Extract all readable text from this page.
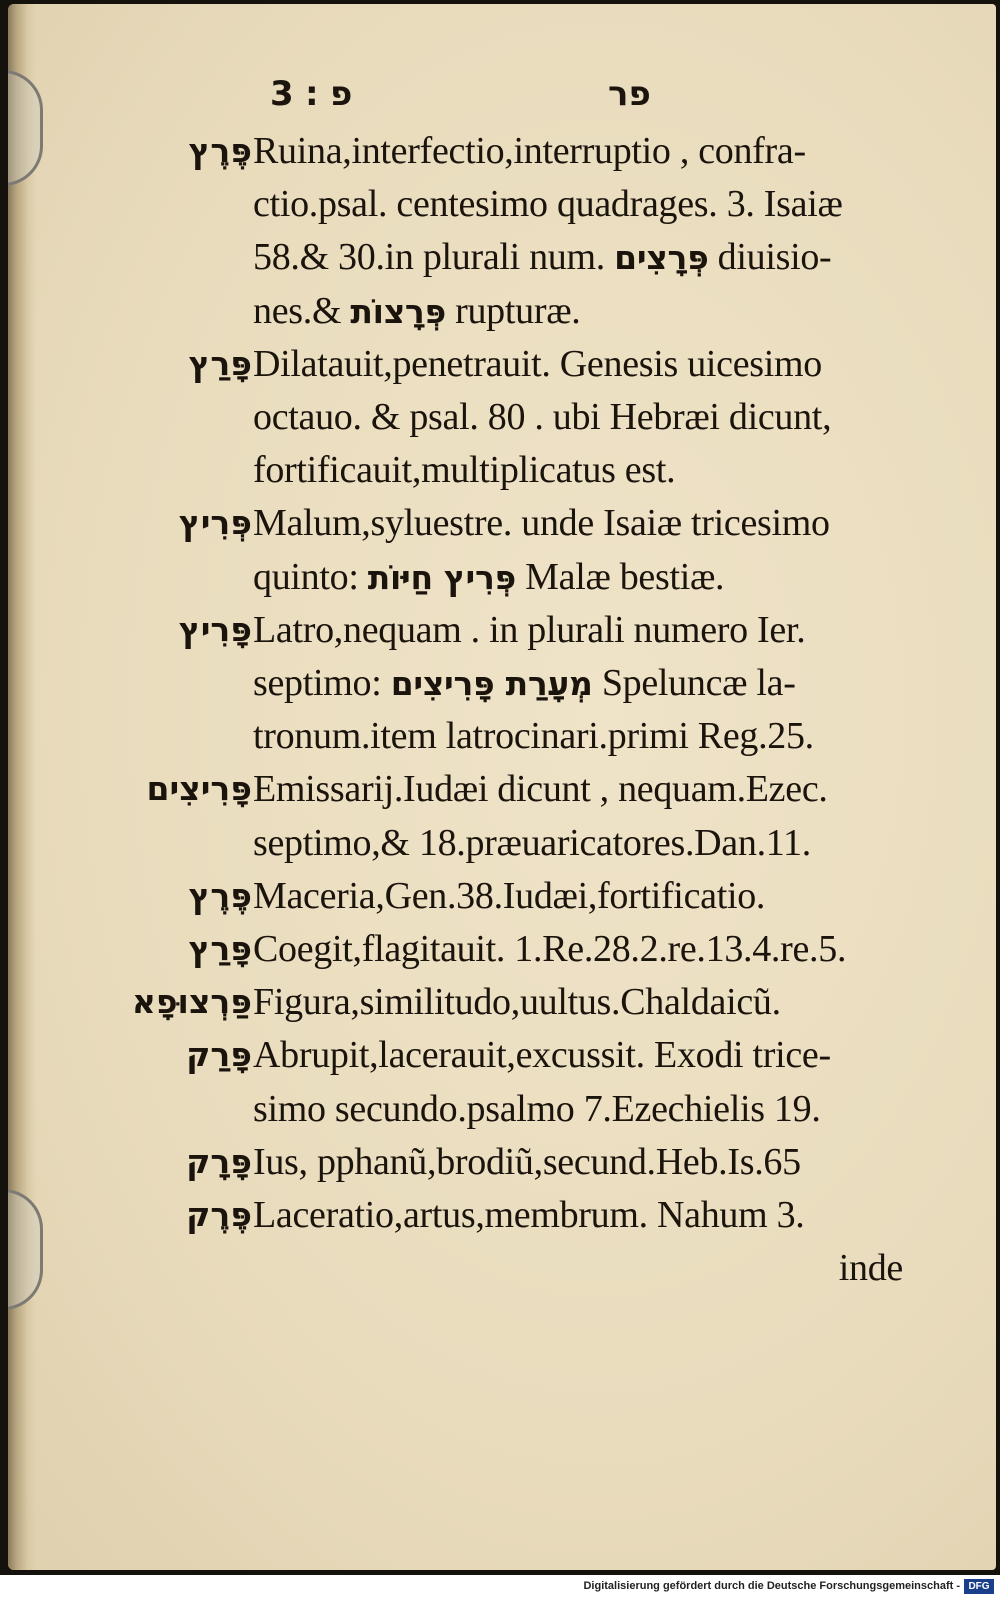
פ ׃ 3	פר
פֶּרֶץ Ruina,interfectio,interruptio , confra-
ctio.psal. centesimo quadrages. 3. Isaiæ
58.& 30.in plurali num. פְּרָצִים diuisio-
nes.& פְּרָצוֹת rupturæ.
פָּרַץ Dilatauit,penetrauit. Genesis uicesimo
octauo. & psal. 80 . ubi Hebræi dicunt,
fortificauit,multiplicatus est.
פְּרִיץ Malum,syluestre. unde Isaiæ tricesimo
quinto: פְּרִיץ חַיּוֹת Malæ bestiæ.
פָּרִיץ Latro,nequam . in plurali numero Ier.
septimo: מְעָרַת פָּרִיצִים Speluncæ la-
tronum.item latrocinari.primi Reg.25.
פָּרִיצִים Emissarij.Iudæi dicunt , nequam.Ezec.
septimo,& 18.præuaricatores.Dan.11.
פֶּרֶץ Maceria,Gen.38.Iudæi,fortificatio.
פָּרַץ Coegit,flagitauit. 1.Re.28.2.re.13.4.re.5.
פַּרְצוּפָא Figura,similitudo,uultus.Chaldaicũ.
פָּרַק Abrupit,lacerauit,excussit. Exodi trice-
simo secundo.psalmo 7.Ezechielis 19.
פָּרָק Ius, pphanũ,brodiũ,secund.Heb.Is.65
פֶּרֶק Laceratio,artus,membrum. Nahum 3.
inde
Digitalisierung gefördert durch die Deutsche Forschungsgemeinschaft - DFG
